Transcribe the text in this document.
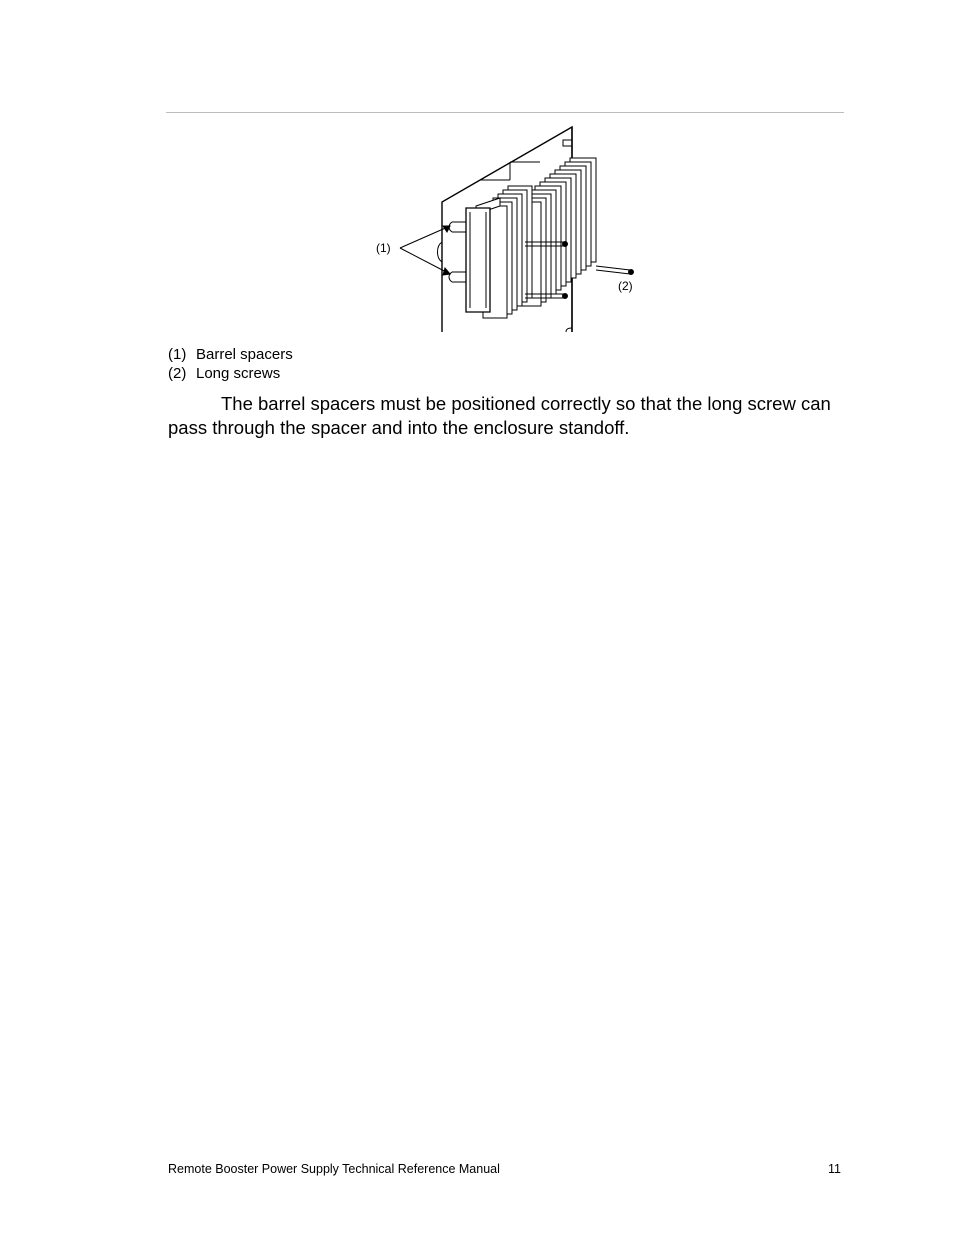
(1)
(2)
(1) Barrel spacers
(2) Long screws

The barrel spacers must be positioned correctly so that the long screw can pass through the spacer and into the enclosure standoff.

Remote Booster Power Supply Technical Reference Manual	11
